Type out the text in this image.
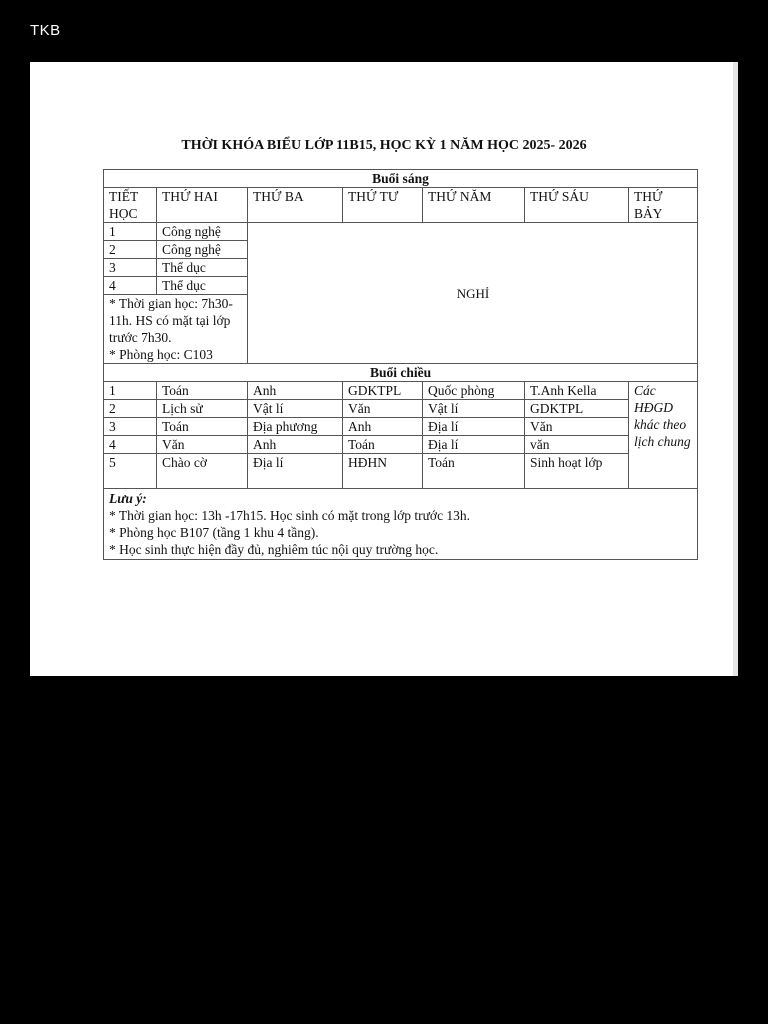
TKB
THỜI KHÓA BIỂU LỚP 11B15, HỌC KỲ 1 NĂM HỌC 2025- 2026
Buổi sáng						
TIẾT HỌC	THỨ HAI	THỨ BA	THỨ TƯ	THỨ NĂM	THỨ SÁU	THỨ BẢY
1	Công nghệ	NGHỈ				
2	Công nghệ					
3	Thể dục					
4	Thể dục					

* Thời gian học: 7h30- 11h. HS có mặt tại lớp trước 7h30.
* Phòng học: C103						

Buổi chiều						
1	Toán	Anh	GDKTPL	Quốc phòng	T.Anh Kella	Các HĐGD khác theo lịch chung
2	Lịch sử	Vật lí	Văn	Vật lí	GDKTPL	
3	Toán	Địa phương	Anh	Địa lí	Văn	
4	Văn	Anh	Toán	Địa lí	văn	
5	Chào cờ	Địa lí	HĐHN	Toán	Sinh hoạt lớp	

Lưu ý:
* Thời gian học: 13h -17h15. Học sinh có mặt trong lớp trước 13h.
* Phòng học B107 (tầng 1 khu 4 tầng).
* Học sinh thực hiện đầy đủ, nghiêm túc nội quy trường học.						
